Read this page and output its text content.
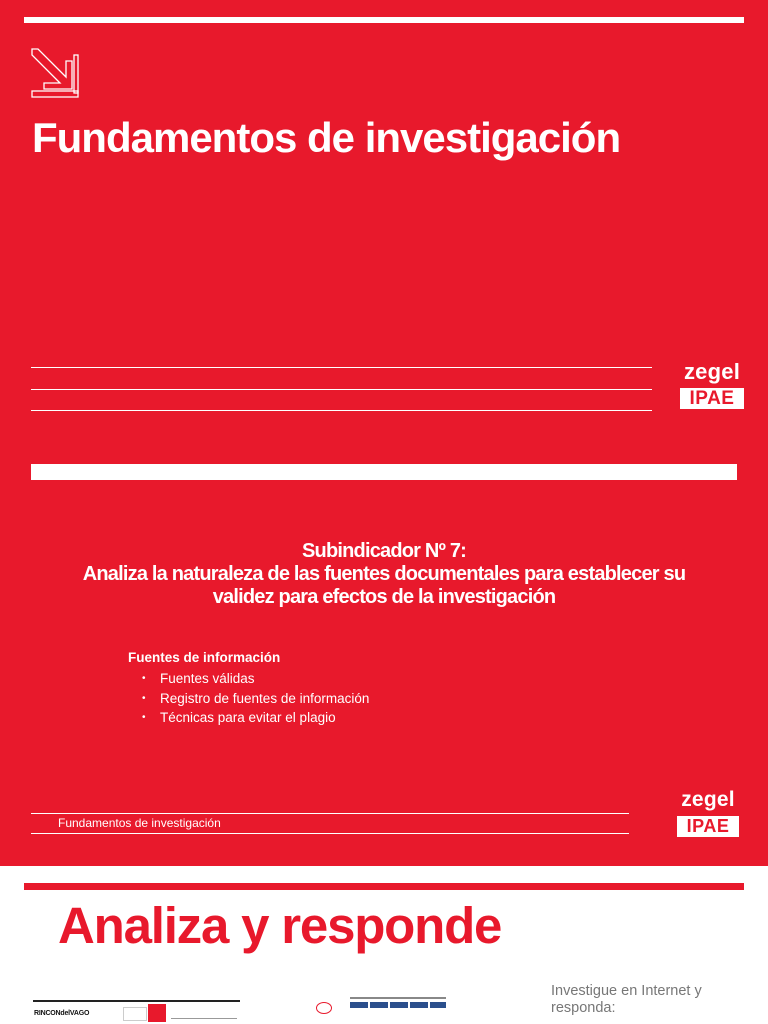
Fundamentos de investigación
zegel
IPAE
Subindicador Nº 7:
Analiza la naturaleza de las fuentes documentales para establecer su
validez para efectos de la investigación
Fuentes de información
• Fuentes válidas
• Registro de fuentes de información
• Técnicas para evitar el plagio
Fundamentos de investigación
zegel
IPAE
Analiza y responde
RINCONdelVAGO
Investigue en Internet y responda:
